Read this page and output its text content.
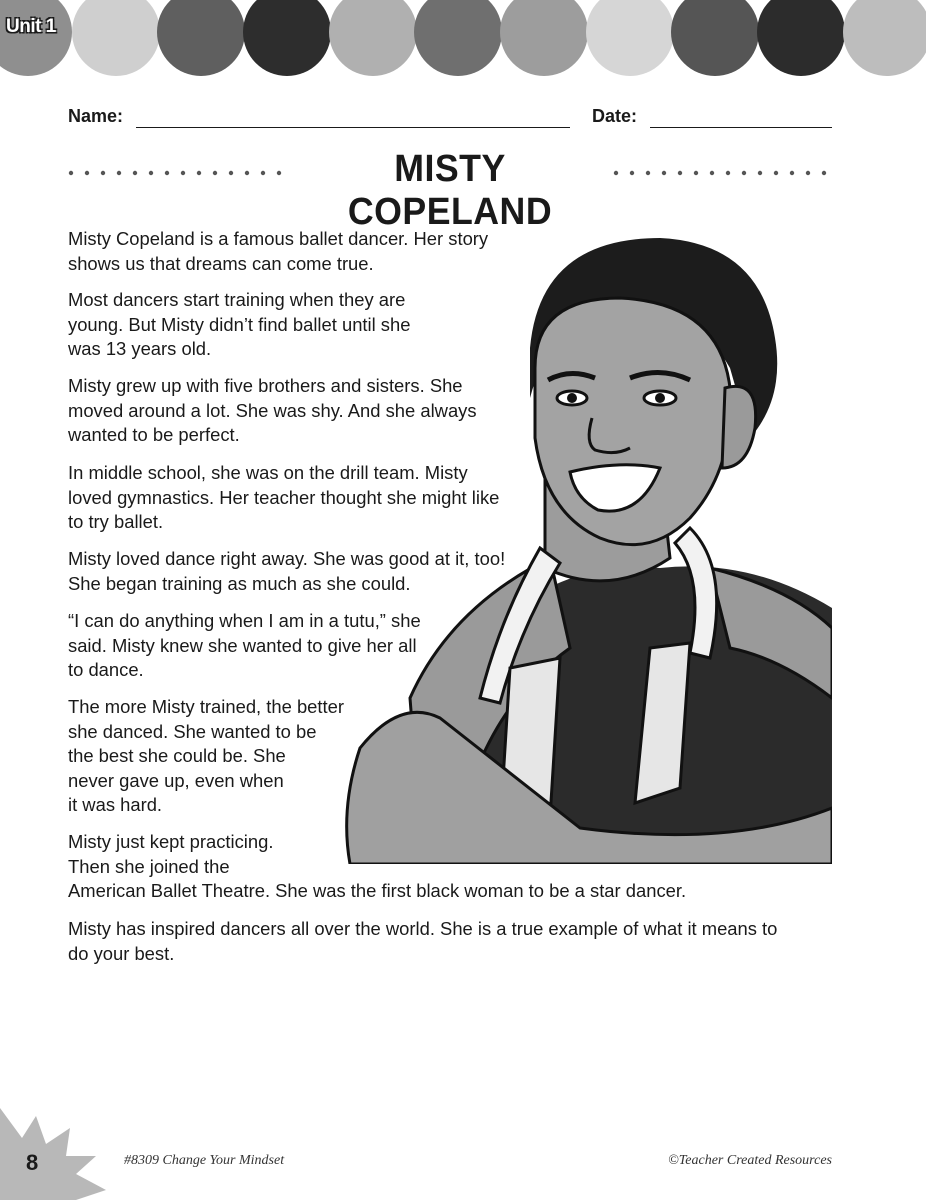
Unit 1
Name:	Date:
MISTY COPELAND

Misty Copeland is a famous ballet dancer. Her story
shows us that dreams can come true.

Most dancers start training when they are
young. But Misty didn’t find ballet until she
was 13 years old.

Misty grew up with five brothers and sisters. She
moved around a lot. She was shy. And she always
wanted to be perfect.

In middle school, she was on the drill team. Misty
loved gymnastics. Her teacher thought she might like
to try ballet.

Misty loved dance right away. She was good at it, too!
She began training as much as she could.

“I can do anything when I am in a tutu,” she
said. Misty knew she wanted to give her all
to dance.

The more Misty trained, the better
she danced. She wanted to be
the best she could be. She
never gave up, even when
it was hard.

Misty just kept practicing.
Then she joined the
American Ballet Theatre. She was the first black woman to be a star dancer.

Misty has inspired dancers all over the world. She is a true example of what it means to
do your best.

8	#8309 Change Your Mindset	©Teacher Created Resources
